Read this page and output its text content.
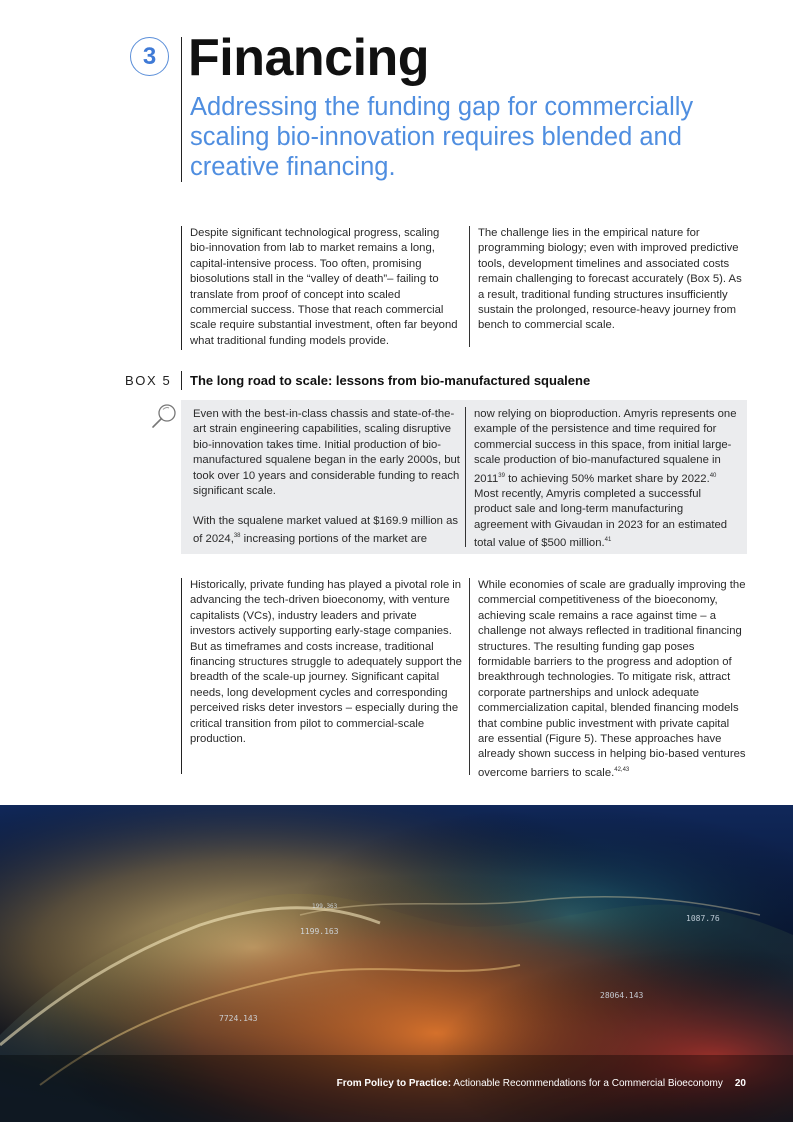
3 Financing
Addressing the funding gap for commercially scaling bio-innovation requires blended and creative financing.

Despite significant technological progress, scaling bio-innovation from lab to market remains a long, capital-intensive process. Too often, promising biosolutions stall in the “valley of death”– failing to translate from proof of concept into scaled commercial success. Those that reach commercial scale require substantial investment, often far beyond what traditional funding models provide.

The challenge lies in the empirical nature for programming biology; even with improved predictive tools, development timelines and associated costs remain challenging to forecast accurately (Box 5). As a result, traditional funding structures insufficiently sustain the prolonged, resource-heavy journey from bench to commercial scale.

BOX 5 The long road to scale: lessons from bio-manufactured squalene

Even with the best-in-class chassis and state-of-the-art strain engineering capabilities, scaling disruptive bio-innovation takes time. Initial production of bio-manufactured squalene began in the early 2000s, but took over 10 years and considerable funding to reach significant scale.

With the squalene market valued at $169.9 million as of 2024,38 increasing portions of the market are

now relying on bioproduction. Amyris represents one example of the persistence and time required for commercial success in this space, from initial large-scale production of bio-manufactured squalene in 2011$^{39}$ to achieving 50% market share by 2022.40 Most recently, Amyris completed a successful product sale and long-term manufacturing agreement with Givaudan in 2023 for an estimated total value of $500 million.$^{41}$

Historically, private funding has played a pivotal role in advancing the tech-driven bioeconomy, with venture capitalists (VCs), industry leaders and private investors actively supporting early-stage companies. But as timeframes and costs increase, traditional financing structures struggle to adequately support the breadth of the scale-up journey. Significant capital needs, long development cycles and corresponding perceived risks deter investors – especially during the critical transition from pilot to commercial-scale production.

While economies of scale are gradually improving the commercial competitiveness of the bioeconomy, achieving scale remains a race against time – a challenge not always reflected in traditional financing structures. The resulting funding gap poses formidable barriers to the progress and adoption of breakthrough technologies. To mitigate risk, attract corporate partnerships and unlock adequate commercialization capital, blended financing models that combine public investment with private capital are essential (Figure 5). These approaches have already shown success in helping bio-based ventures overcome barriers to scale.$^{42,43}$

1199.163
1087.76
28064.143
7724.143
199.363
From Policy to Practice: Actionable Recommendations for a Commercial Bioeconomy 20
